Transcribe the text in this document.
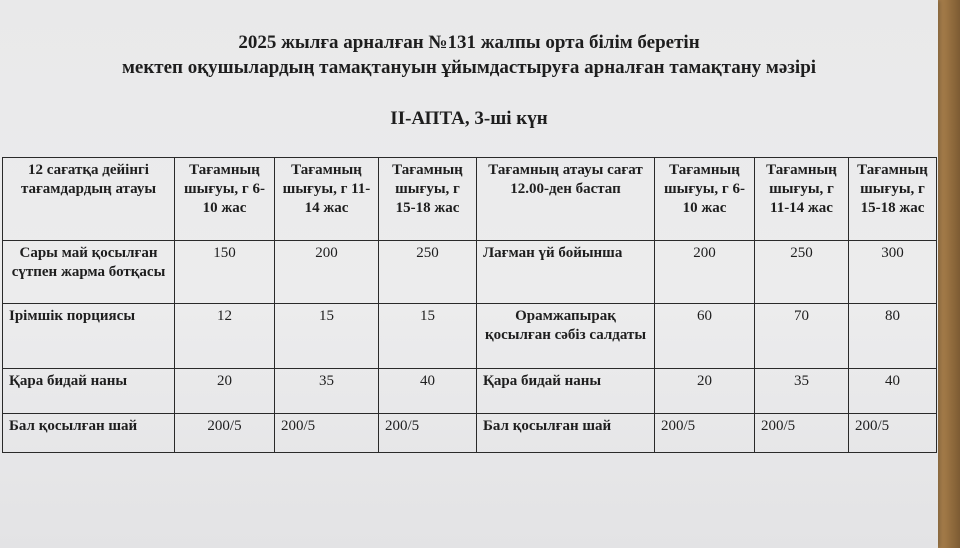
2025 жылға арналған №131 жалпы орта білім беретін
мектеп оқушылардың тамақтануын ұйымдастыруға арналған тамақтану мәзірі
ІІ-АПТА, 3-ші күн
12 сағатқа дейінгі тағамдардың атауы	Тағамның шығуы, г 6-10 жас	Тағамның шығуы, г 11-14 жас	Тағамның шығуы, г 15-18 жас	Тағамның атауы сағат 12.00-ден бастап	Тағамның шығуы, г 6-10 жас	Тағамның шығуы, г 11-14 жас	Тағамның шығуы, г 15-18 жас
Сары май қосылған сүтпен жарма ботқасы	150	200	250	Лағман үй бойынша	200	250	300
Ірімшік порциясы	12	15	15	Орамжапырақ қосылған сәбіз салдаты	60	70	80
Қара бидай наны	20	35	40	Қара бидай наны	20	35	40
Бал қосылған шай	200/5	200/5	200/5	Бал қосылған шай	200/5	200/5	200/5
